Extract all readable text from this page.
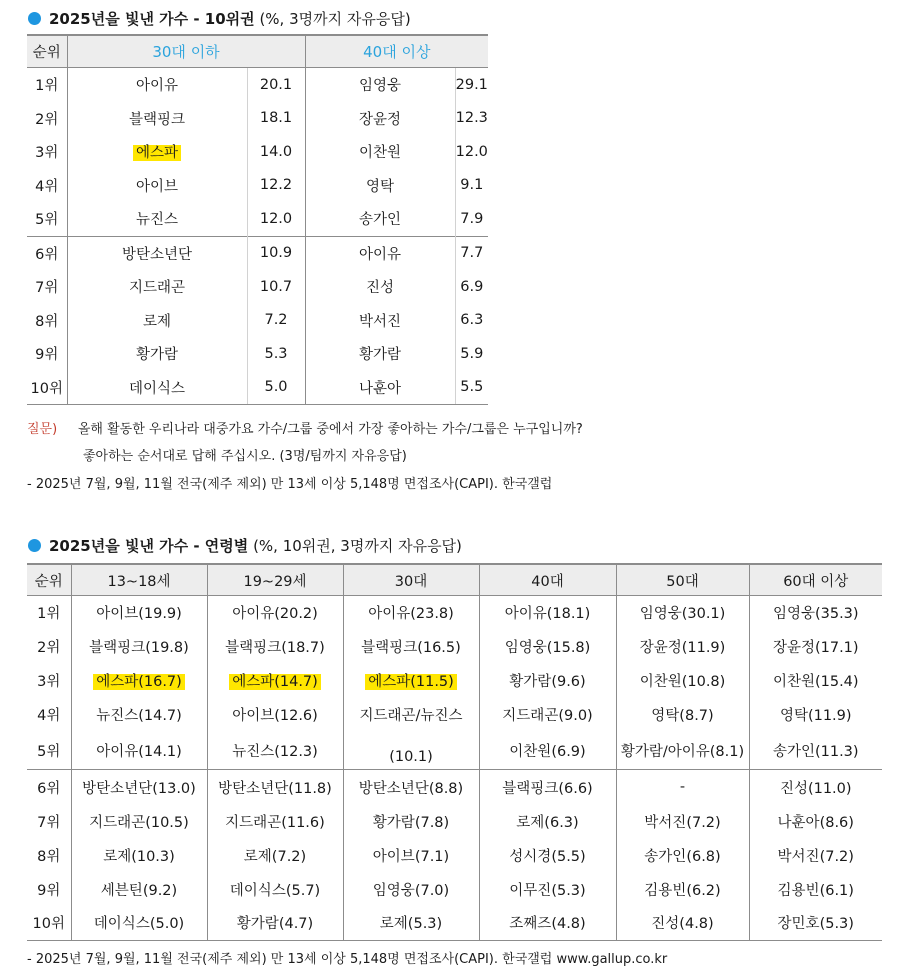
2025년을 빛낸 가수 - 10위권
(%, 3명까지 자유응답)
순위	30대 이하		40대 이상	
1위	아이유	20.1	임영웅	29.1
2위	블랙핑크	18.1	장윤정	12.3
3위	에스파	14.0	이찬원	12.0
4위	아이브	12.2	영탁	9.1
5위	뉴진스	12.0	송가인	7.9
6위	방탄소년단	10.9	아이유	7.7
7위	지드래곤	10.7	진성	6.9
8위	로제	7.2	박서진	6.3
9위	황가람	5.3	황가람	5.9
10위	데이식스	5.0	나훈아	5.5
질문) 올해 활동한 우리나라 대중가요 가수/그룹 중에서 가장 좋아하는 가수/그룹은 누구입니까?
좋아하는 순서대로 답해 주십시오. (3명/팀까지 자유응답)
- 2025년 7월, 9월, 11월 전국(제주 제외) 만 13세 이상 5,148명 면접조사(CAPI). 한국갤럽
2025년을 빛낸 가수 - 연령별
(%, 10위권, 3명까지 자유응답)
순위	13~18세	19~29세	30대	40대	50대	60대 이상
1위	아이브(19.9)	아이유(20.2)	아이유(23.8)	아이유(18.1)	임영웅(30.1)	임영웅(35.3)
2위	블랙핑크(19.8)	블랙핑크(18.7)	블랙핑크(16.5)	임영웅(15.8)	장윤정(11.9)	장윤정(17.1)
3위	에스파(16.7)	에스파(14.7)	에스파(11.5)	황가람(9.6)	이찬원(10.8)	이찬원(15.4)
4위	뉴진스(14.7)	아이브(12.6)	지드래곤/뉴진스	지드래곤(9.0)	영탁(8.7)	영탁(11.9)
5위	아이유(14.1)	뉴진스(12.3)	(10.1)	이찬원(6.9)	황가람/아이유(8.1)	송가인(11.3)
6위	방탄소년단(13.0)	방탄소년단(11.8)	방탄소년단(8.8)	블랙핑크(6.6)	-	진성(11.0)
7위	지드래곤(10.5)	지드래곤(11.6)	황가람(7.8)	로제(6.3)	박서진(7.2)	나훈아(8.6)
8위	로제(10.3)	로제(7.2)	아이브(7.1)	성시경(5.5)	송가인(6.8)	박서진(7.2)
9위	세븐틴(9.2)	데이식스(5.7)	임영웅(7.0)	이무진(5.3)	김용빈(6.2)	김용빈(6.1)
10위	데이식스(5.0)	황가람(4.7)	로제(5.3)	조째즈(4.8)	진성(4.8)	장민호(5.3)
- 2025년 7월, 9월, 11월 전국(제주 제외) 만 13세 이상 5,148명 면접조사(CAPI). 한국갤럽 www.gallup.co.kr
